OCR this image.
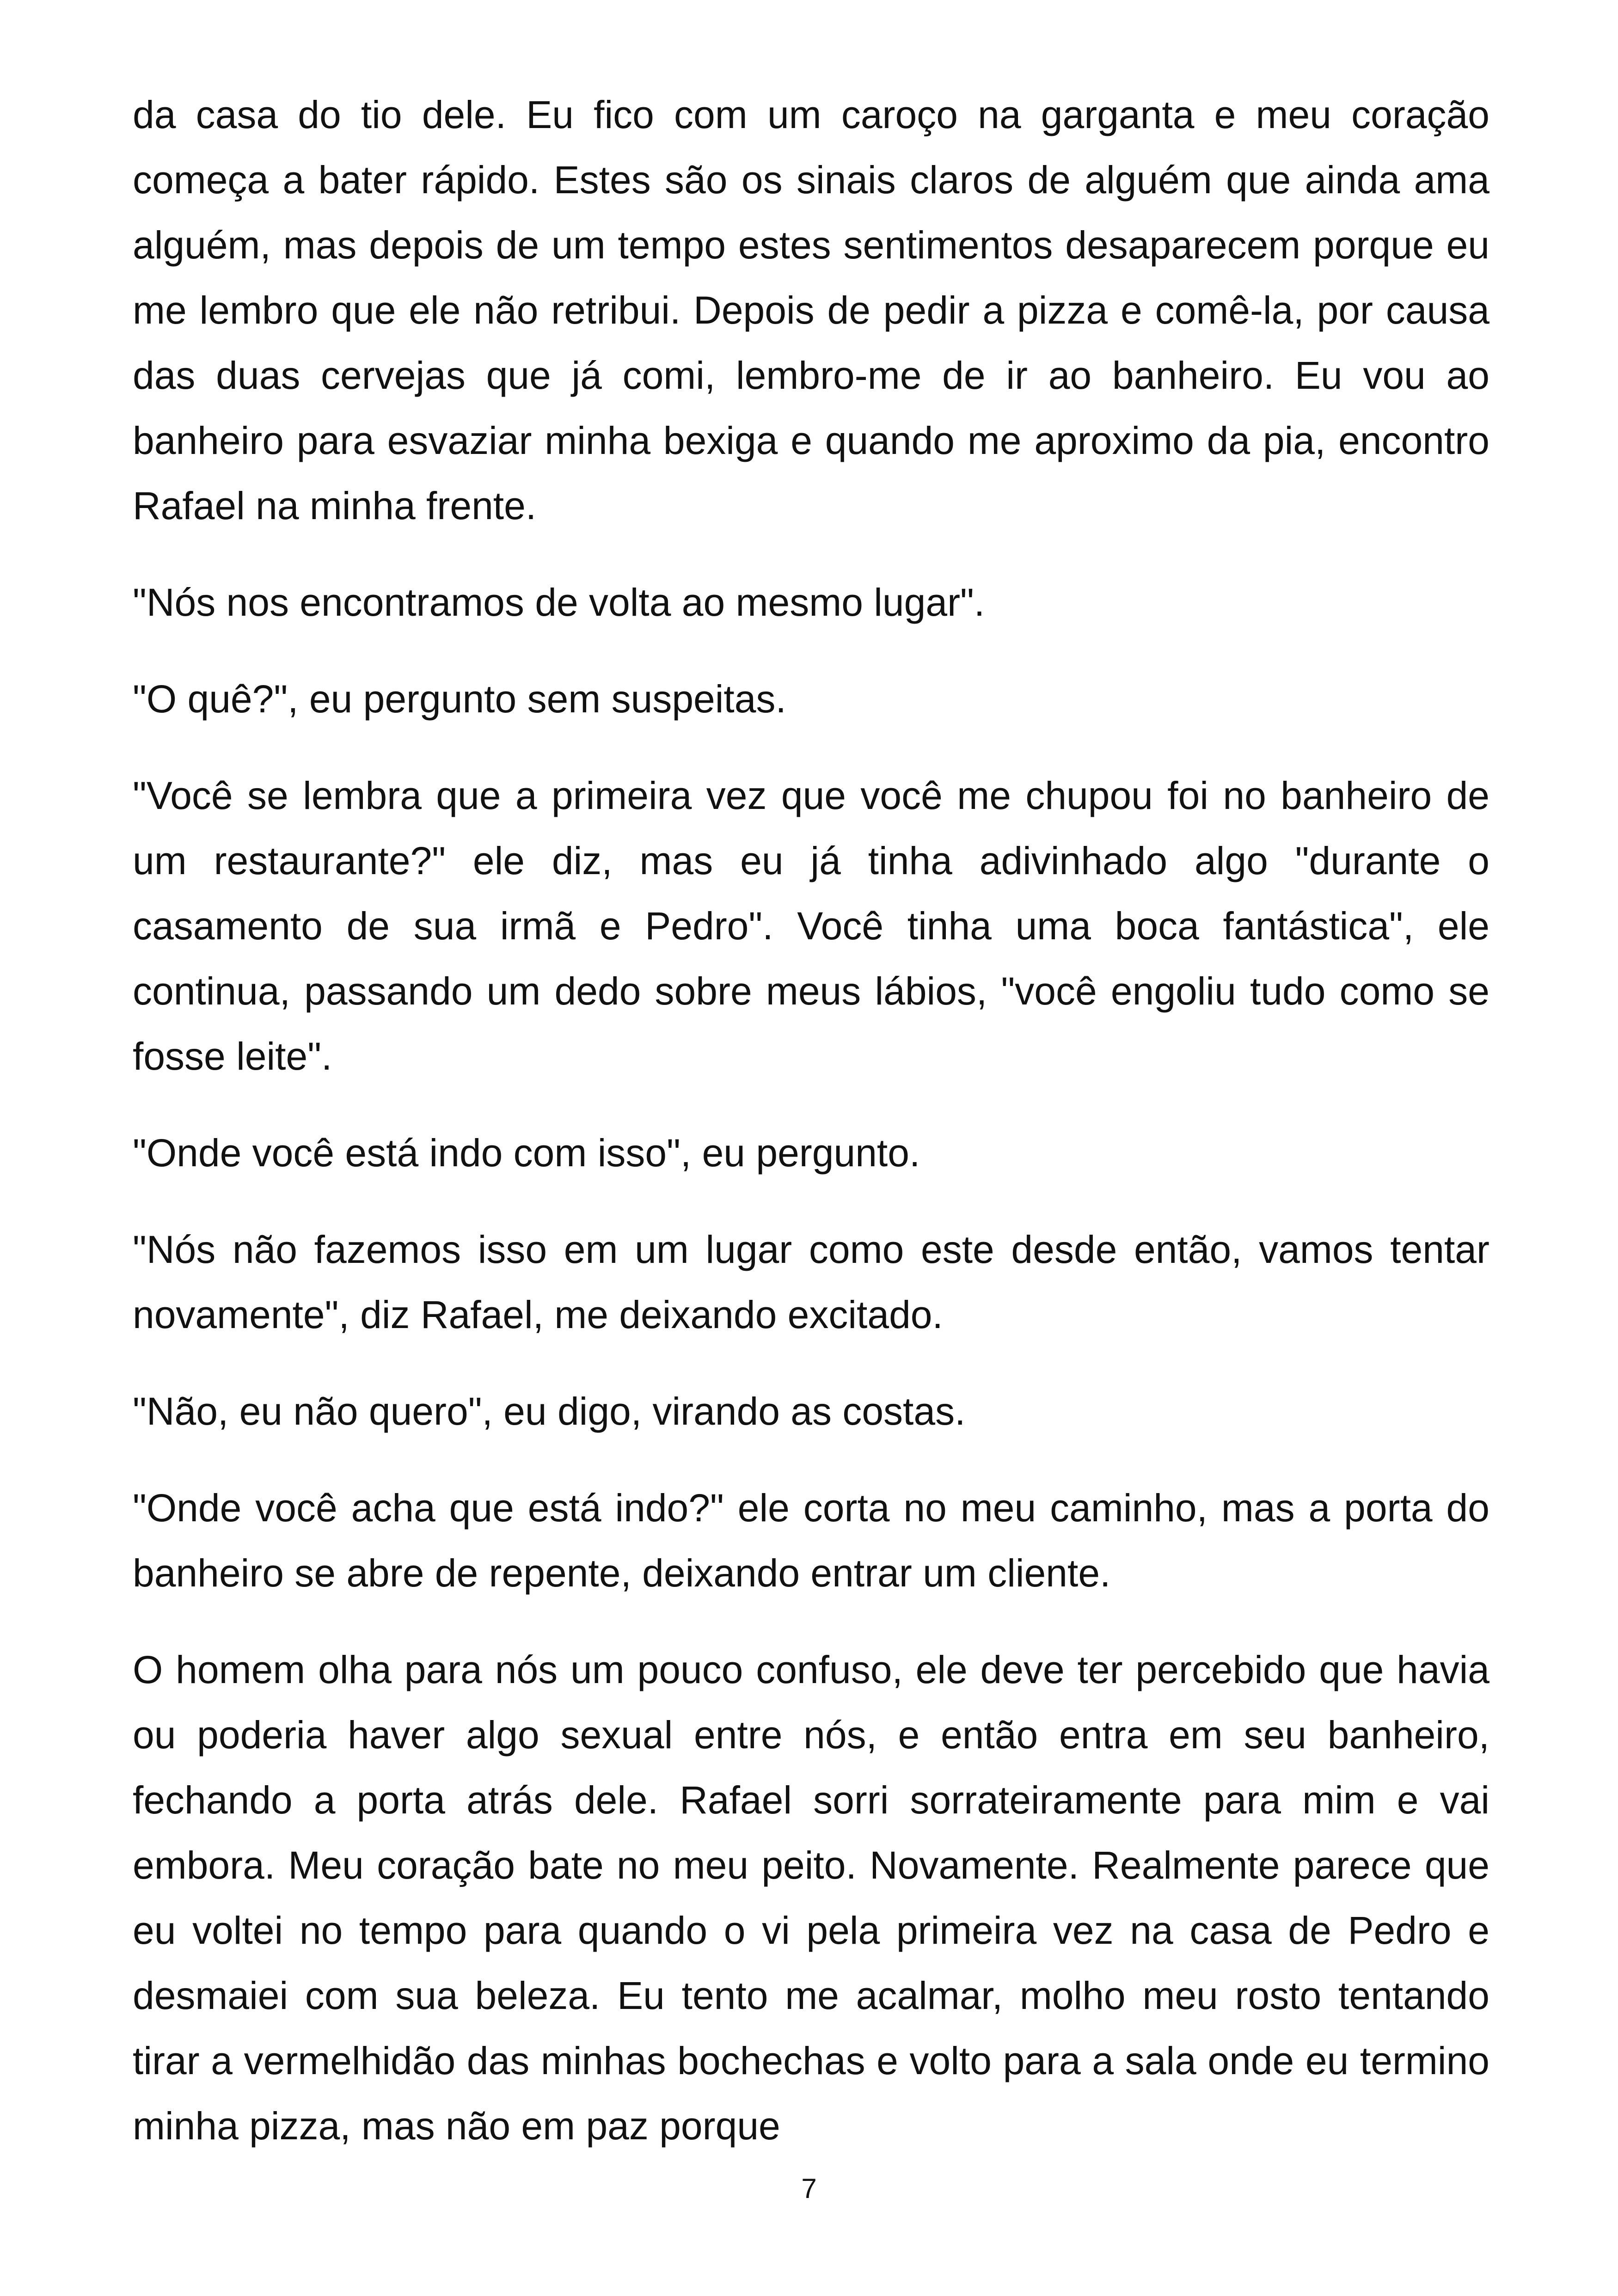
da casa do tio dele. Eu fico com um caroço na garganta e meu coração começa a bater rápido. Estes são os sinais claros de alguém que ainda ama alguém, mas depois de um tempo estes sentimentos desaparecem porque eu me lembro que ele não retribui. Depois de pedir a pizza e comê-la, por causa das duas cervejas que já comi, lembro-me de ir ao banheiro. Eu vou ao banheiro para esvaziar minha bexiga e quando me aproximo da pia, encontro Rafael na minha frente.

"Nós nos encontramos de volta ao mesmo lugar".

"O quê?", eu pergunto sem suspeitas.

"Você se lembra que a primeira vez que você me chupou foi no banheiro de um restaurante?" ele diz, mas eu já tinha adivinhado algo "durante o casamento de sua irmã e Pedro". Você tinha uma boca fantástica", ele continua, passando um dedo sobre meus lábios, "você engoliu tudo como se fosse leite".

"Onde você está indo com isso", eu pergunto.

"Nós não fazemos isso em um lugar como este desde então, vamos tentar novamente", diz Rafael, me deixando excitado.

"Não, eu não quero", eu digo, virando as costas.

"Onde você acha que está indo?" ele corta no meu caminho, mas a porta do banheiro se abre de repente, deixando entrar um cliente.

O homem olha para nós um pouco confuso, ele deve ter percebido que havia ou poderia haver algo sexual entre nós, e então entra em seu banheiro, fechando a porta atrás dele. Rafael sorri sorrateiramente para mim e vai embora. Meu coração bate no meu peito. Novamente. Realmente parece que eu voltei no tempo para quando o vi pela primeira vez na casa de Pedro e desmaiei com sua beleza. Eu tento me acalmar, molho meu rosto tentando tirar a vermelhidão das minhas bochechas e volto para a sala onde eu termino minha pizza, mas não em paz porque

7
